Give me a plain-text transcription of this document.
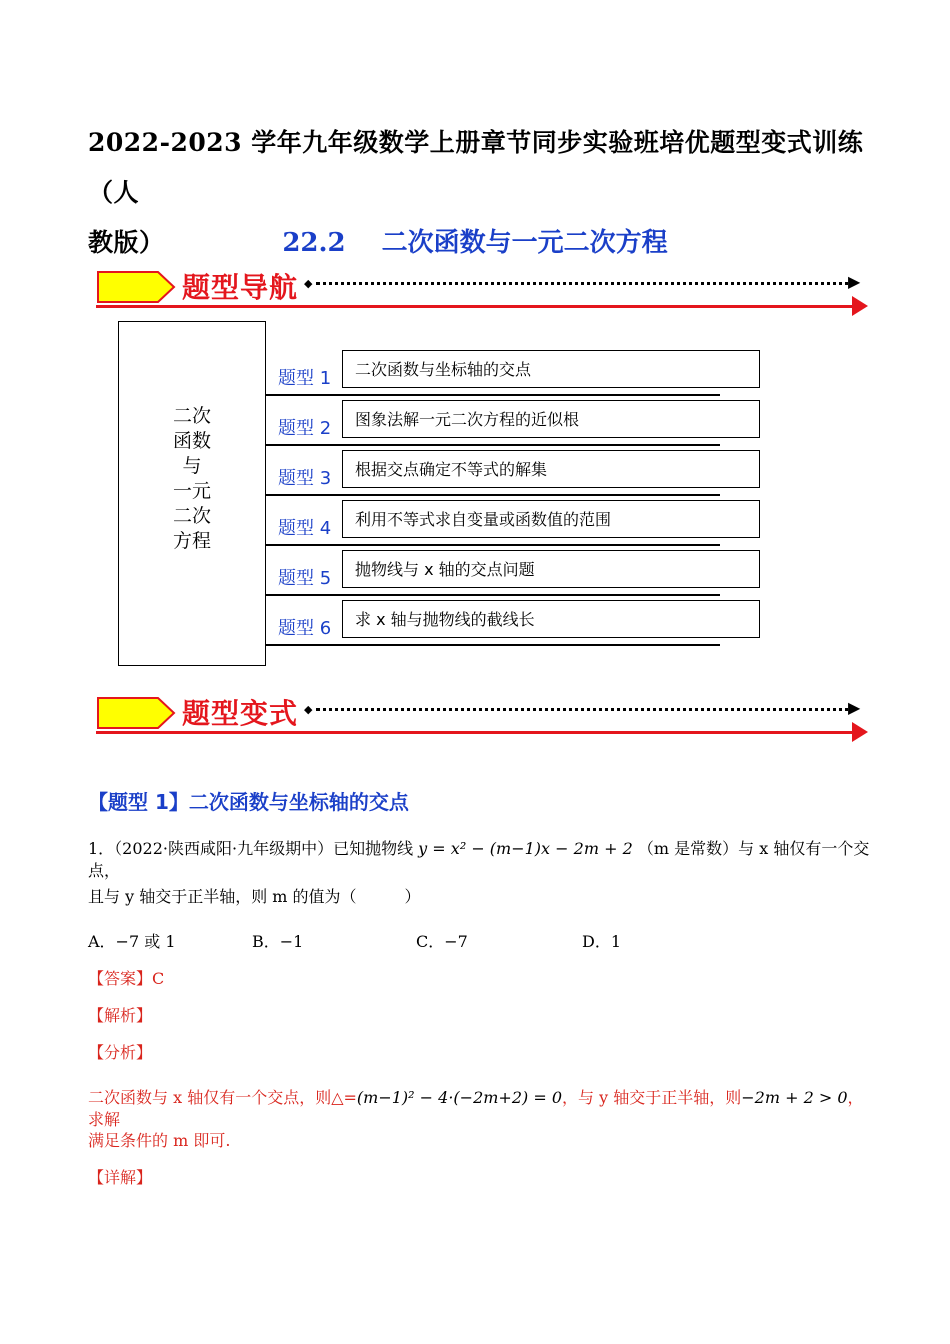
2022-2023 学年九年级数学上册章节同步实验班培优题型变式训练（人
教版）	22.2 二次函数与一元二次方程
题型导航 ◆	▶
二次
函数
与
一元
二次
方程
题型 1	二次函数与坐标轴的交点
题型 2	图象法解一元二次方程的近似根
题型 3	根据交点确定不等式的解集
题型 4	利用不等式求自变量或函数值的范围
题型 5	抛物线与 x 轴的交点问题
题型 6	求 x 轴与抛物线的截线长
题型变式 ◆	▶
【题型 1】二次函数与坐标轴的交点
1．（2022·陕西咸阳·九年级期中）已知抛物线 y = x² − (m−1)x − 2m + 2 （m 是常数）与 x 轴仅有一个交点，
且与 y 轴交于正半轴，则 m 的值为（　　　）
A．−7 或 1	B．−1	C．−7	D．1
【答案】C
【解析】
【分析】
二次函数与 x 轴仅有一个交点，则△=(m−1)² − 4·(−2m+2) = 0，与 y 轴交于正半轴，则−2m + 2 > 0，求解
满足条件的 m 即可.
【详解】
